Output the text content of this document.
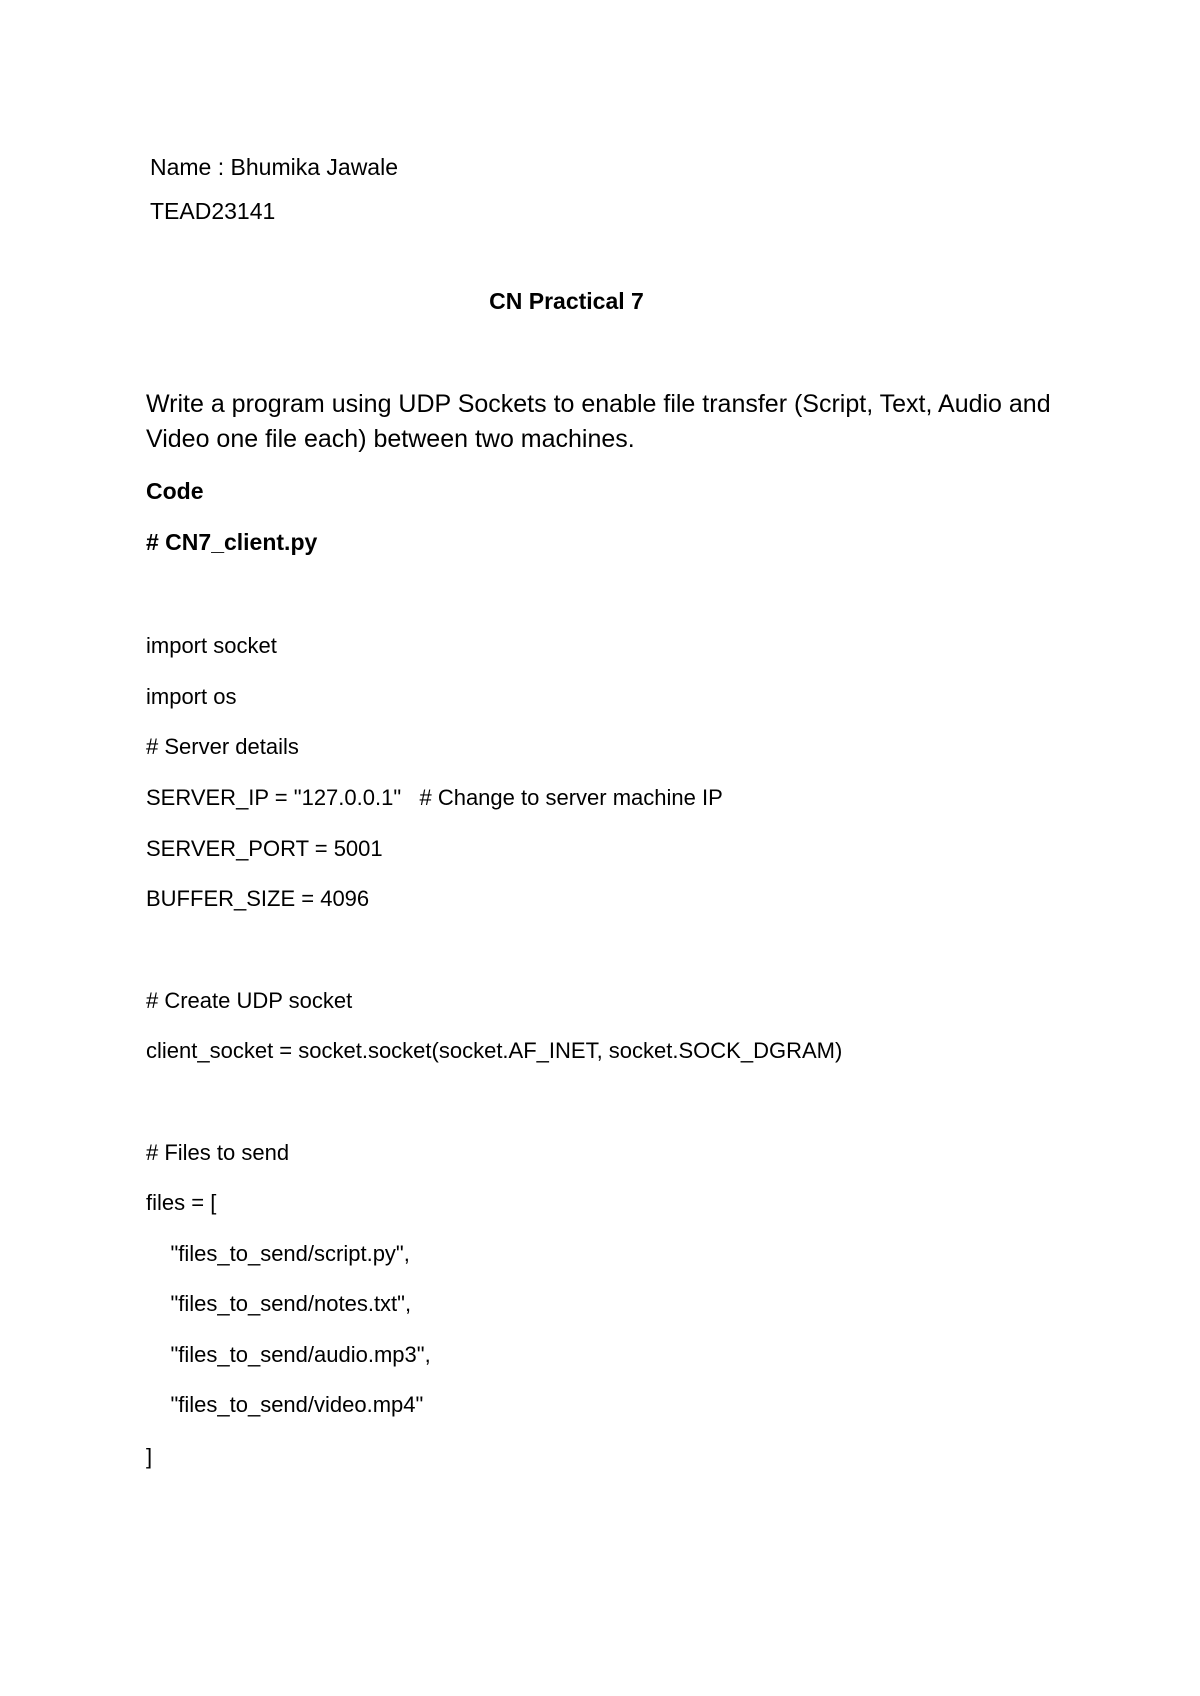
Name : Bhumika Jawale
TEAD23141
CN Practical 7
Write a program using UDP Sockets to enable file transfer (Script, Text, Audio and Video one file each) between two machines.
Code
# CN7_client.py
import socket
import os
# Server details
SERVER_IP = "127.0.0.1"   # Change to server machine IP
SERVER_PORT = 5001
BUFFER_SIZE = 4096
# Create UDP socket
client_socket = socket.socket(socket.AF_INET, socket.SOCK_DGRAM)
# Files to send
files = [
"files_to_send/script.py",
"files_to_send/notes.txt",
"files_to_send/audio.mp3",
"files_to_send/video.mp4"
]
